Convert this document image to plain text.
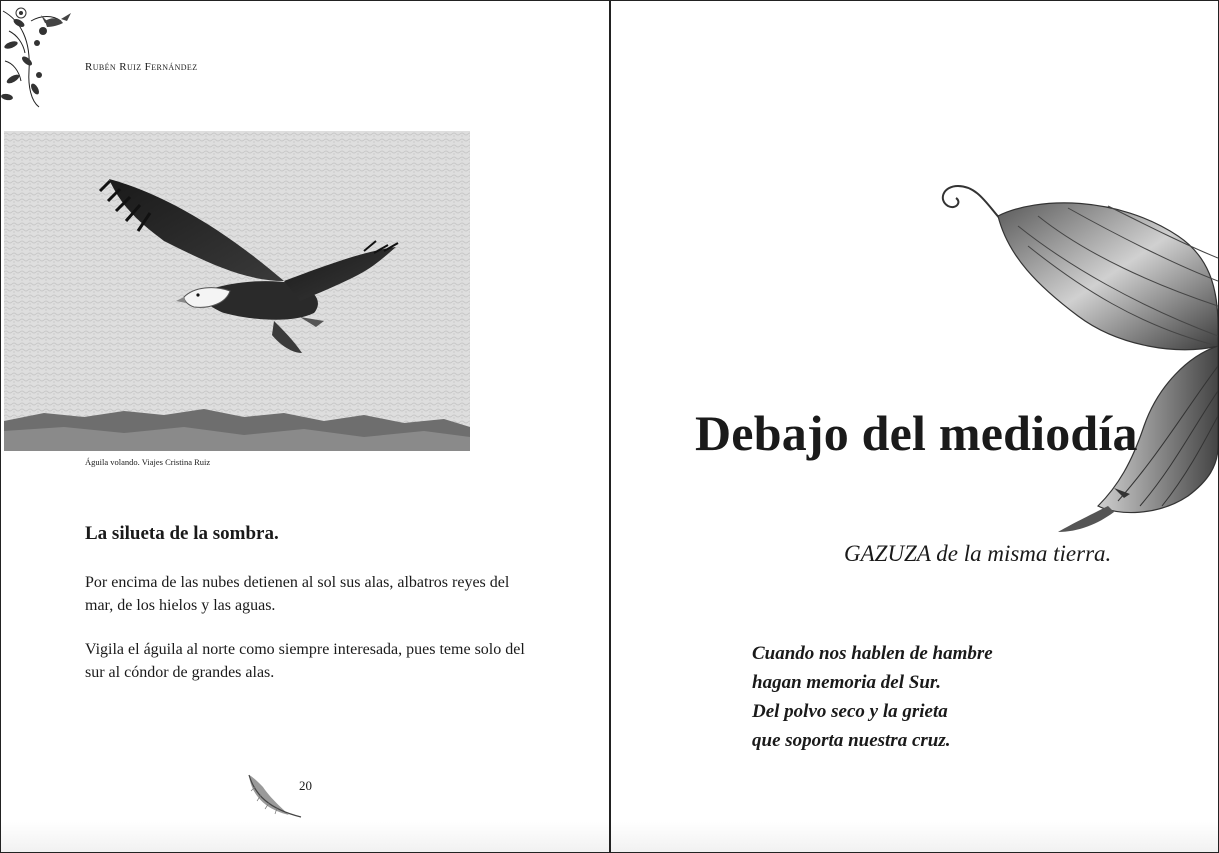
Rubén Ruiz Fernández
Águila volando. Viajes Cristina Ruiz
La silueta de la sombra.

Por encima de las nubes detienen al sol sus alas, albatros reyes del mar, de los hielos y las aguas.

Vigila el águila al norte como siempre interesada, pues teme solo del sur al cóndor de grandes alas.

20
Debajo del mediodía
GAZUZA de la misma tierra.
Cuando nos hablen de hambre
hagan memoria del Sur.
Del polvo seco y la grieta
que soporta nuestra cruz.
